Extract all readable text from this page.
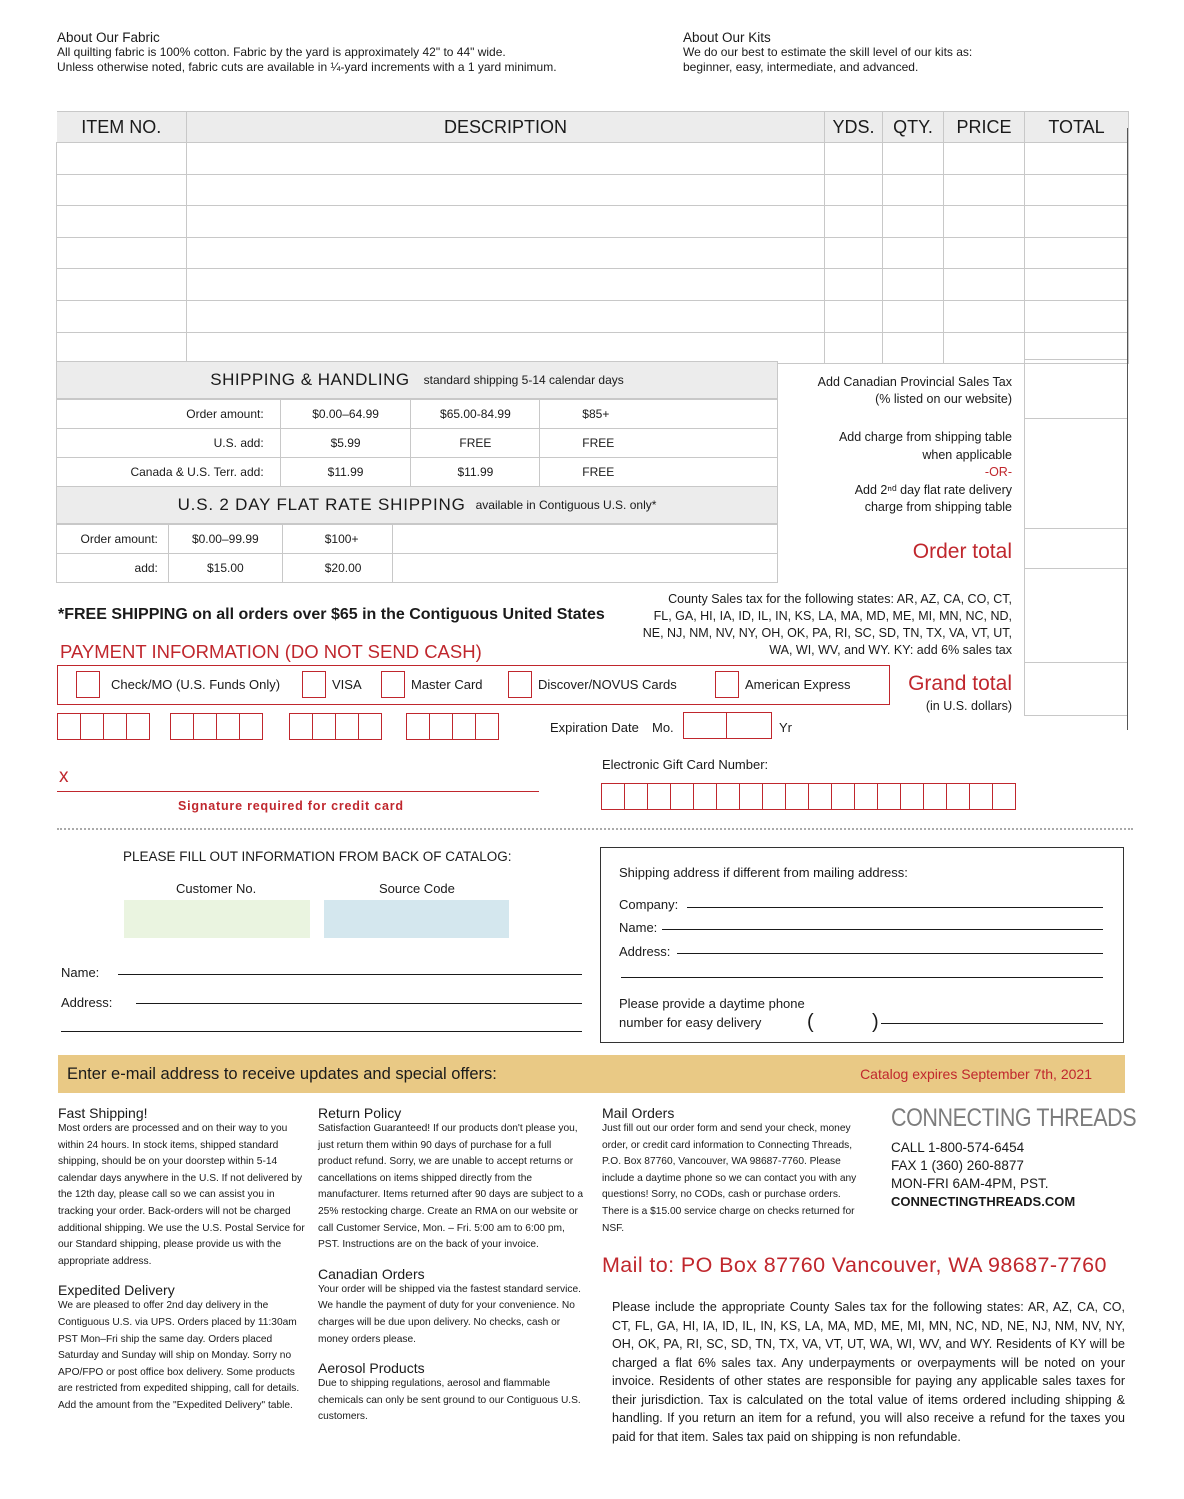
About Our Fabric
All quilting fabric is 100% cotton. Fabric by the yard is approximately 42" to 44" wide.
Unless otherwise noted, fabric cuts are available in ¼-yard increments with a 1 yard minimum.
About Our Kits
We do our best to estimate the skill level of our kits as:
beginner, easy, intermediate, and advanced.
ITEM NO.	DESCRIPTION	YDS.	QTY.	PRICE	TOTAL

SHIPPING & HANDLING standard shipping 5-14 calendar days
Order amount:	$0.00–64.99	$65.00-84.99	$85+
U.S. add:	$5.99	FREE	FREE
Canada & U.S. Terr. add:	$11.99	$11.99	FREE
U.S. 2 DAY FLAT RATE SHIPPING available in Contiguous U.S. only*
Order amount:	$0.00–99.99	$100+	
add:	$15.00	$20.00	
Add Canadian Provincial Sales Tax
(% listed on our website)
Add charge from shipping table
when applicable
-OR-
Add 2ⁿᵈ day flat rate delivery
charge from shipping table
Order total
County Sales tax for the following states: AR, AZ, CA, CO, CT,
FL, GA, HI, IA, ID, IL, IN, KS, LA, MA, MD, ME, MI, MN, NC, ND,
NE, NJ, NM, NV, NY, OH, OK, PA, RI, SC, SD, TN, TX, VA, VT, UT,
WA, WI, WV, and WY. KY: add 6% sales tax
Grand total
(in U.S. dollars)
*FREE SHIPPING on all orders over $65 in the Contiguous United States
PAYMENT INFORMATION (DO NOT SEND CASH)
Check/MO (U.S. Funds Only)	VISA	Master Card	Discover/NOVUS Cards	American Express
Expiration Date Mo.	Yr
Electronic Gift Card Number:
x
Signature required for credit card
PLEASE FILL OUT INFORMATION FROM BACK OF CATALOG:
Customer No.	Source Code
Name:
Address:
Shipping address if different from mailing address:
Company:
Name:
Address:
Please provide a daytime phone
number for easy delivery	(	)
Enter e-mail address to receive updates and special offers:	Catalog expires September 7th, 2021
Fast Shipping!
Most orders are processed and on their way to you within 24 hours. In stock items, shipped standard shipping, should be on your doorstep within 5-14 calendar days anywhere in the U.S. If not delivered by the 12th day, please call so we can assist you in tracking your order. Back-orders will not be charged additional shipping. We use the U.S. Postal Service for our Standard shipping, please provide us with the appropriate address.
Expedited Delivery
We are pleased to offer 2nd day delivery in the Contiguous U.S. via UPS. Orders placed by 11:30am PST Mon–Fri ship the same day. Orders placed Saturday and Sunday will ship on Monday. Sorry no APO/FPO or post office box delivery. Some products are restricted from expedited shipping, call for details. Add the amount from the "Expedited Delivery" table.
Return Policy
Satisfaction Guaranteed! If our products don't please you, just return them within 90 days of purchase for a full product refund. Sorry, we are unable to accept returns or cancellations on items shipped directly from the manufacturer. Items returned after 90 days are subject to a 25% restocking charge. Create an RMA on our website or call Customer Service, Mon. – Fri. 5:00 am to 6:00 pm, PST. Instructions are on the back of your invoice.
Canadian Orders
Your order will be shipped via the fastest standard service. We handle the payment of duty for your convenience. No charges will be due upon delivery. No checks, cash or money orders please.
Aerosol Products
Due to shipping regulations, aerosol and flammable chemicals can only be sent ground to our Contiguous U.S. customers.
Mail Orders
Just fill out our order form and send your check, money order, or credit card information to Connecting Threads, P.O. Box 87760, Vancouver, WA 98687-7760. Please include a daytime phone so we can contact you with any questions! Sorry, no CODs, cash or purchase orders. There is a $15.00 service charge on checks returned for NSF.
CONNECTING THREADS
CALL 1-800-574-6454
FAX 1 (360) 260-8877
MON-FRI 6AM-4PM, PST.
CONNECTINGTHREADS.COM
Mail to: PO Box 87760 Vancouver, WA 98687-7760
Please include the appropriate County Sales tax for the following states: AR, AZ, CA, CO, CT, FL, GA, HI, IA, ID, IL, IN, KS, LA, MA, MD, ME, MI, MN, NC, ND, NE, NJ, NM, NV, NY, OH, OK, PA, RI, SC, SD, TN, TX, VA, VT, UT, WA, WI, WV, and WY. Residents of KY will be charged a flat 6% sales tax. Any underpayments or overpayments will be noted on your invoice. Residents of other states are responsible for paying any applicable sales taxes for their jurisdiction. Tax is calculated on the total value of items ordered including shipping & handling. If you return an item for a refund, you will also receive a refund for the taxes you paid for that item. Sales tax paid on shipping is non refundable.
